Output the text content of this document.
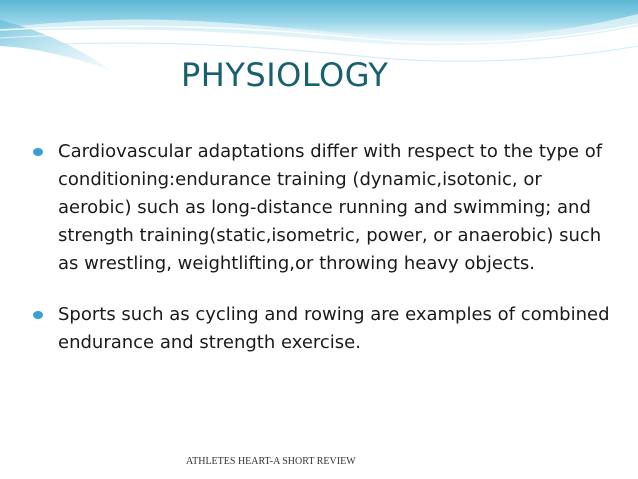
PHYSIOLOGY
Cardiovascular adaptations differ with respect to the type of conditioning:endurance training (dynamic,isotonic, or aerobic) such as long-distance running and swimming; and strength training(static,isometric, power, or anaerobic) such as wrestling, weightlifting,or throwing heavy objects.
Sports such as cycling and rowing are examples of combined endurance and strength exercise.
ATHLETES HEART-A SHORT REVIEW
